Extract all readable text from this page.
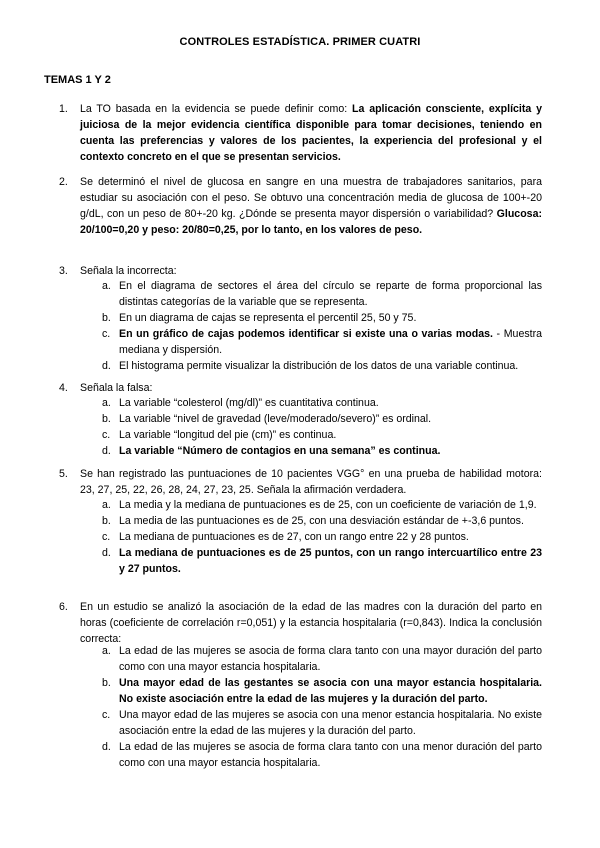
CONTROLES ESTADÍSTICA. PRIMER CUATRI
TEMAS 1 Y 2
1. La TO basada en la evidencia se puede definir como: La aplicación consciente, explícita y juiciosa de la mejor evidencia científica disponible para tomar decisiones, teniendo en cuenta las preferencias y valores de los pacientes, la experiencia del profesional y el contexto concreto en el que se presentan servicios.
2. Se determinó el nivel de glucosa en sangre en una muestra de trabajadores sanitarios, para estudiar su asociación con el peso. Se obtuvo una concentración media de glucosa de 100+-20 g/dL, con un peso de 80+-20 kg. ¿Dónde se presenta mayor dispersión o variabilidad? Glucosa: 20/100=0,20 y peso: 20/80=0,25, por lo tanto, en los valores de peso.
3. Señala la incorrecta:
a. En el diagrama de sectores el área del círculo se reparte de forma proporcional las distintas categorías de la variable que se representa.
b. En un diagrama de cajas se representa el percentil 25, 50 y 75.
c. En un gráfico de cajas podemos identificar si existe una o varias modas. - Muestra mediana y dispersión.
d. El histograma permite visualizar la distribución de los datos de una variable continua.
4. Señala la falsa:
a. La variable “colesterol (mg/dl)” es cuantitativa continua.
b. La variable “nivel de gravedad (leve/moderado/severo)” es ordinal.
c. La variable “longitud del pie (cm)” es continua.
d. La variable “Número de contagios en una semana” es continua.
5. Se han registrado las puntuaciones de 10 pacientes VGG° en una prueba de habilidad motora: 23, 27, 25, 22, 26, 28, 24, 27, 23, 25. Señala la afirmación verdadera.
a. La media y la mediana de puntuaciones es de 25, con un coeficiente de variación de 1,9.
b. La media de las puntuaciones es de 25, con una desviación estándar de +-3,6 puntos.
c. La mediana de puntuaciones es de 27, con un rango entre 22 y 28 puntos.
d. La mediana de puntuaciones es de 25 puntos, con un rango intercuartílico entre 23 y 27 puntos.
6. En un estudio se analizó la asociación de la edad de las madres con la duración del parto en horas (coeficiente de correlación r=0,051) y la estancia hospitalaria (r=0,843). Indica la conclusión correcta:
a. La edad de las mujeres se asocia de forma clara tanto con una mayor duración del parto como con una mayor estancia hospitalaria.
b. Una mayor edad de las gestantes se asocia con una mayor estancia hospitalaria. No existe asociación entre la edad de las mujeres y la duración del parto.
c. Una mayor edad de las mujeres se asocia con una menor estancia hospitalaria. No existe asociación entre la edad de las mujeres y la duración del parto.
d. La edad de las mujeres se asocia de forma clara tanto con una menor duración del parto como con una mayor estancia hospitalaria.
